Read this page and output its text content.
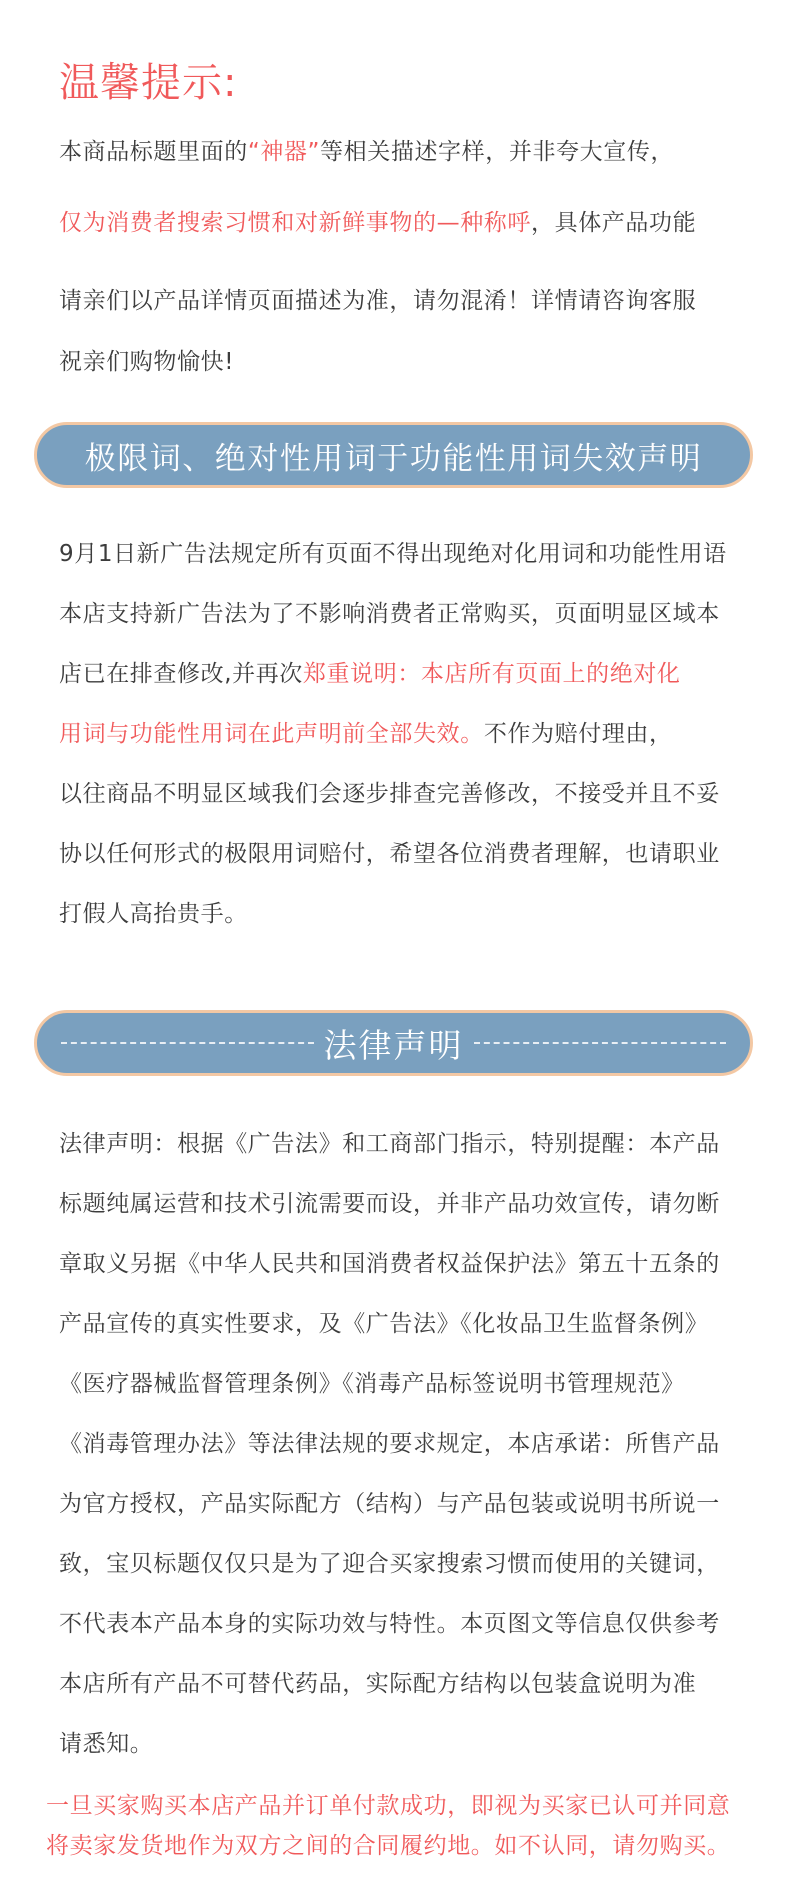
温馨提示:
本商品标题里面的“神器”等相关描述字样，并非夸大宣传，
仅为消费者搜索习惯和对新鲜事物的—种称呼，具体产品功能
请亲们以产品详情页面描述为准，请勿混淆！详情请咨询客服
祝亲们购物愉快!
极限词、绝对性用词于功能性用词失效声明
9月1日新广告法规定所有页面不得出现绝对化用词和功能性用语
本店支持新广告法为了不影响消费者正常购买，页面明显区域本
店已在排查修改,并再次郑重说明：本店所有页面上的绝对化
用词与功能性用词在此声明前全部失效。不作为赔付理由，
以往商品不明显区域我们会逐步排查完善修改，不接受并且不妥
协以任何形式的极限用词赔付，希望各位消费者理解，也请职业
打假人高抬贵手。
法律声明
法律声明：根据《广告法》和工商部门指示，特别提醒：本产品
标题纯属运营和技术引流需要而设，并非产品功效宣传，请勿断
章取义另据《中华人民共和国消费者权益保护法》第五十五条的
产品宣传的真实性要求，及《广告法》《化妆品卫生监督条例》
《医疗器械监督管理条例》《消毒产品标签说明书管理规范》
《消毒管理办法》等法律法规的要求规定，本店承诺：所售产品
为官方授权，产品实际配方（结构）与产品包装或说明书所说一
致，宝贝标题仅仅只是为了迎合买家搜索习惯而使用的关键词，
不代表本产品本身的实际功效与特性。本页图文等信息仅供参考
本店所有产品不可替代药品，实际配方结构以包装盒说明为准
请悉知。
一旦买家购买本店产品并订单付款成功，即视为买家已认可并同意
将卖家发货地作为双方之间的合同履约地。如不认同，请勿购买。
